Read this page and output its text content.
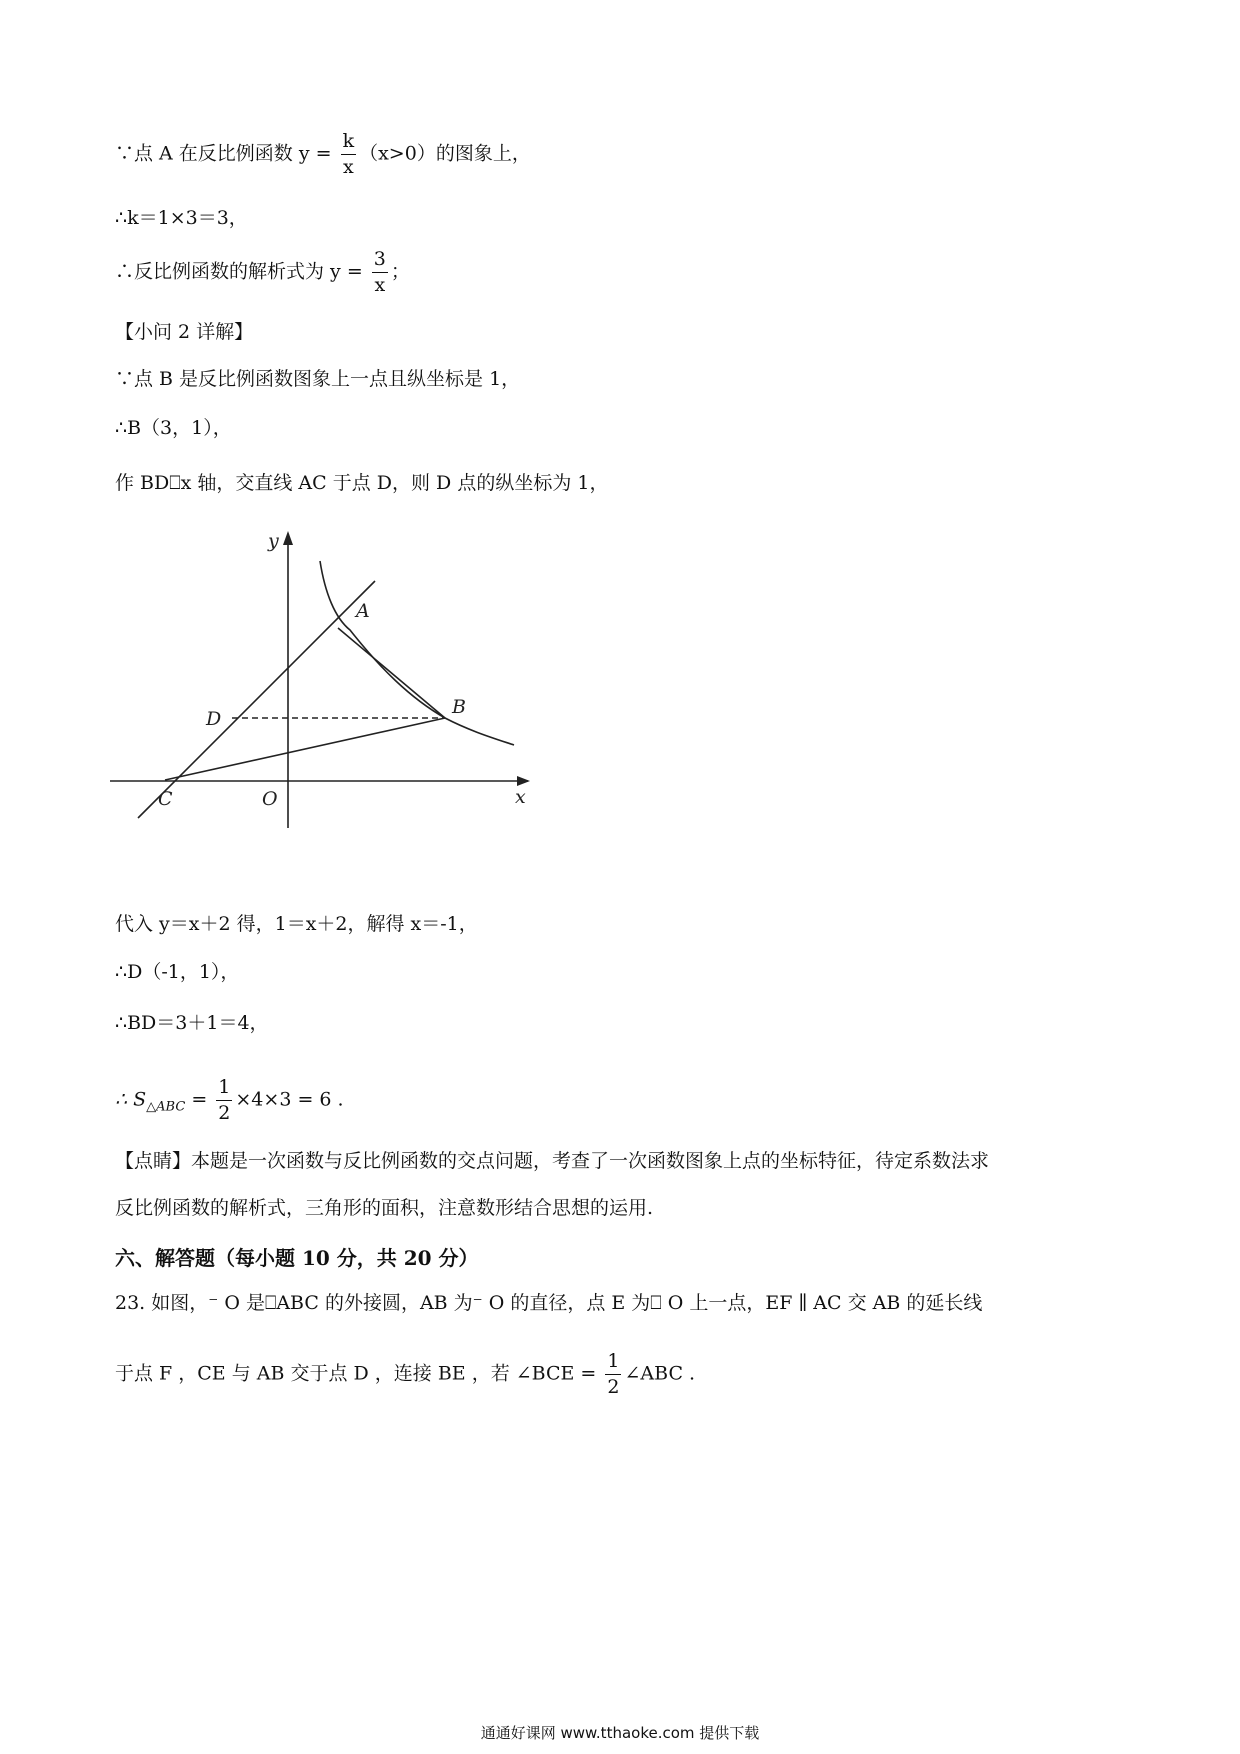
∵点 A 在反比例函数 $y = \frac{k}{x} (x>0)$的图象上，
∴k＝1×3＝3，
∴反比例函数的解析式为 $y = \frac{3}{x}$ ；
【小问 2 详解】
∵点 B 是反比例函数图象上一点且纵坐标是 1，
∴B（3，1），
作 BD⎕x 轴，交直线 AC 于点 D，则 D 点的纵坐标为 1，
y
A
D
B
C	O	x
代入 y＝x＋2 得，1＝x＋2，解得 x＝-1，
∴D（-1，1），
∴BD＝3＋1＝4，
∴ $S_{\triangle ABC} = \frac{1}{2} \times 4\times 3 = 6$ .
【点睛】本题是一次函数与反比例函数的交点问题，考查了一次函数图象上点的坐标特征，待定系数法求
反比例函数的解析式，三角形的面积，注意数形结合思想的运用.
六、解答题（每小题 10 分，共 20 分）
23. 如图，⁻ O 是⎕ABC 的外接圆，AB 为⁻ O 的直径，点 E 为⎕ O 上一点，EF ∥ AC 交 AB 的延长线
于点 F ，CE 与 AB 交于点 D ，连接 BE ，若 ∠BCE = $\frac{1}{2}$ ∠ABC .
通通好课网 www.tthaoke.com 提供下载
